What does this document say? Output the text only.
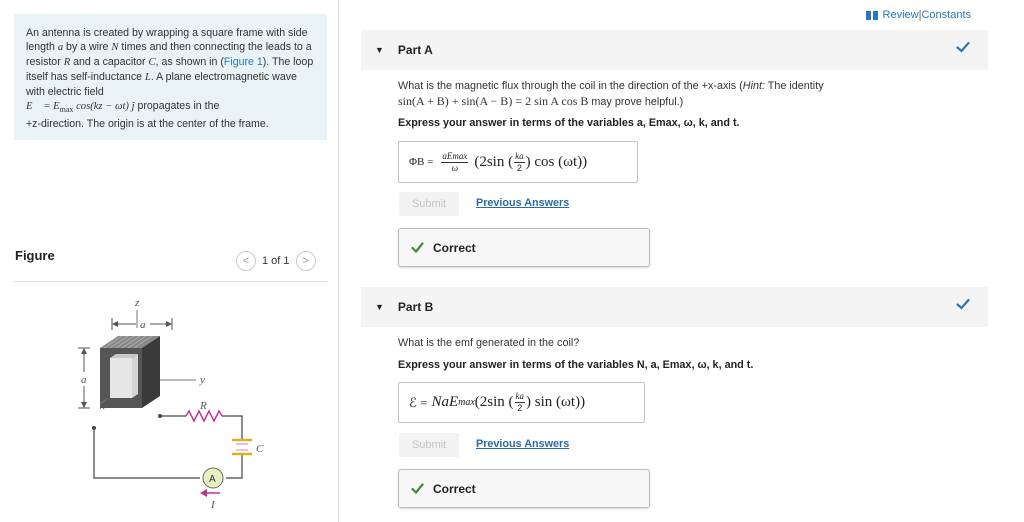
An antenna is created by wrapping a square frame with side length a by a wire N times and then connecting the leads to a resistor R and a capacitor C, as shown in (Figure 1). The loop itself has self-inductance L. A plane electromagnetic wave with electric field
E⃗ = $E_{max}$ cos(kz − ωt) ĵ propagates in the
+z-direction. The origin is at the center of the frame.
Figure	<	1 of 1	>
z
a
a	y
x	R
C
A
I
Review | Constants
▼ Part A
What is the magnetic flux through the coil in the direction of the +x-axis (Hint: The identity
sin(A + B) + sin(A − B) = 2 sin A cos B may prove helpful.)
Express your answer in terms of the variables a, Emax, ω, k, and t.
$\Phi B = \frac{aEmax}{\omega} (2\sin$ ( $\frac{ka}{2}$ ) cos (ωt))
Submit	Previous Answers
Correct
▼ Part B
What is the emf generated in the coil?
Express your answer in terms of the variables N, a, Emax, ω, k, and t.
ℰ = NaE max (2sin ( $\frac{ka}{2}$ ) sin (ωt))
Submit	Previous Answers
Correct
